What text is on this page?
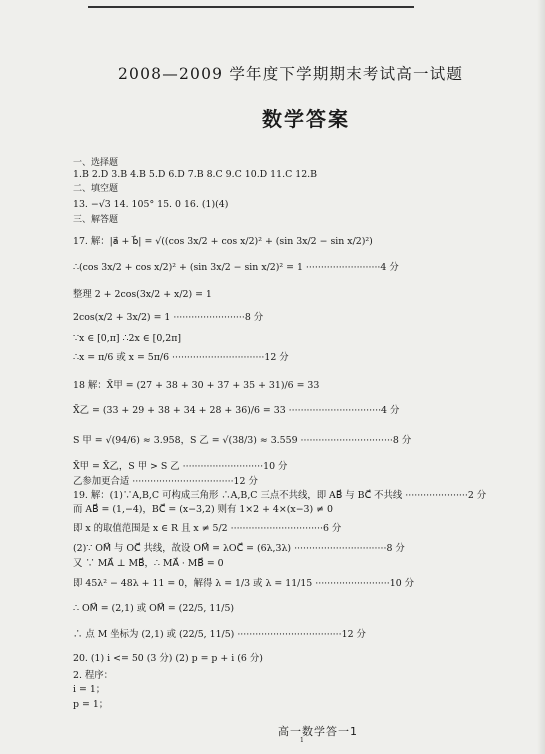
2008—2009 学年度下学期期末考试高一试题
数学答案
一、选择题
1.B 2.D 3.B 4.B 5.D 6.D 7.B 8.C 9.C 10.D 11.C 12.B
二、填空题
13. −√3 14. 105° 15. 0 16. (1)(4)
三、解答题
17. 解：|a⃗ + b⃗| = √((cos 3x/2 + cos x/2)² + (sin 3x/2 − sin x/2)²)
∴(cos 3x/2 + cos x/2)² + (sin 3x/2 − sin x/2)² = 1 ·························4 分
整理 2 + 2cos(3x/2 + x/2) = 1
2cos(x/2 + 3x/2) = 1 ························8 分
∵x ∈ [0,π] ∴2x ∈ [0,2π]
∴x = π/6 或 x = 5π/6 ·······························12 分
18 解：X̄甲 = (27 + 38 + 30 + 37 + 35 + 31)/6 = 33
X̄乙 = (33 + 29 + 38 + 34 + 28 + 36)/6 = 33 ·······························4 分
S 甲 = √(94/6) ≈ 3.958，S 乙 = √(38/3) ≈ 3.559 ·······························8 分
X̄甲 = X̄乙，S 甲 > S 乙 ···························10 分
乙参加更合适 ··································12 分
19. 解：(1)∵A,B,C 可构成三角形 ∴A,B,C 三点不共线，即 AB⃗ 与 BC⃗ 不共线 ·····················2 分
而 AB⃗ = (1,−4)，BC⃗ = (x−3,2) 则有 1×2 + 4×(x−3) ≠ 0
即 x 的取值范围是 x ∈ R 且 x ≠ 5/2 ·······························6 分
(2)∵ OM⃗ 与 OC⃗ 共线，故设 OM⃗ = λOC⃗ = (6λ,3λ) ·······························8 分
又 ∵ MA⃗ ⊥ MB⃗，∴ MA⃗ · MB⃗ = 0
即 45λ² − 48λ + 11 = 0，解得 λ = 1/3 或 λ = 11/15 ·························10 分
∴ OM⃗ = (2,1) 或 OM⃗ = (22/5, 11/5)
∴ 点 M 坐标为 (2,1) 或 (22/5, 11/5) ···································12 分
20. (1) i <= 50 (3 分) (2) p = p + i (6 分)
2. 程序：
i = 1；
p = 1；
高一数学答一1
1
